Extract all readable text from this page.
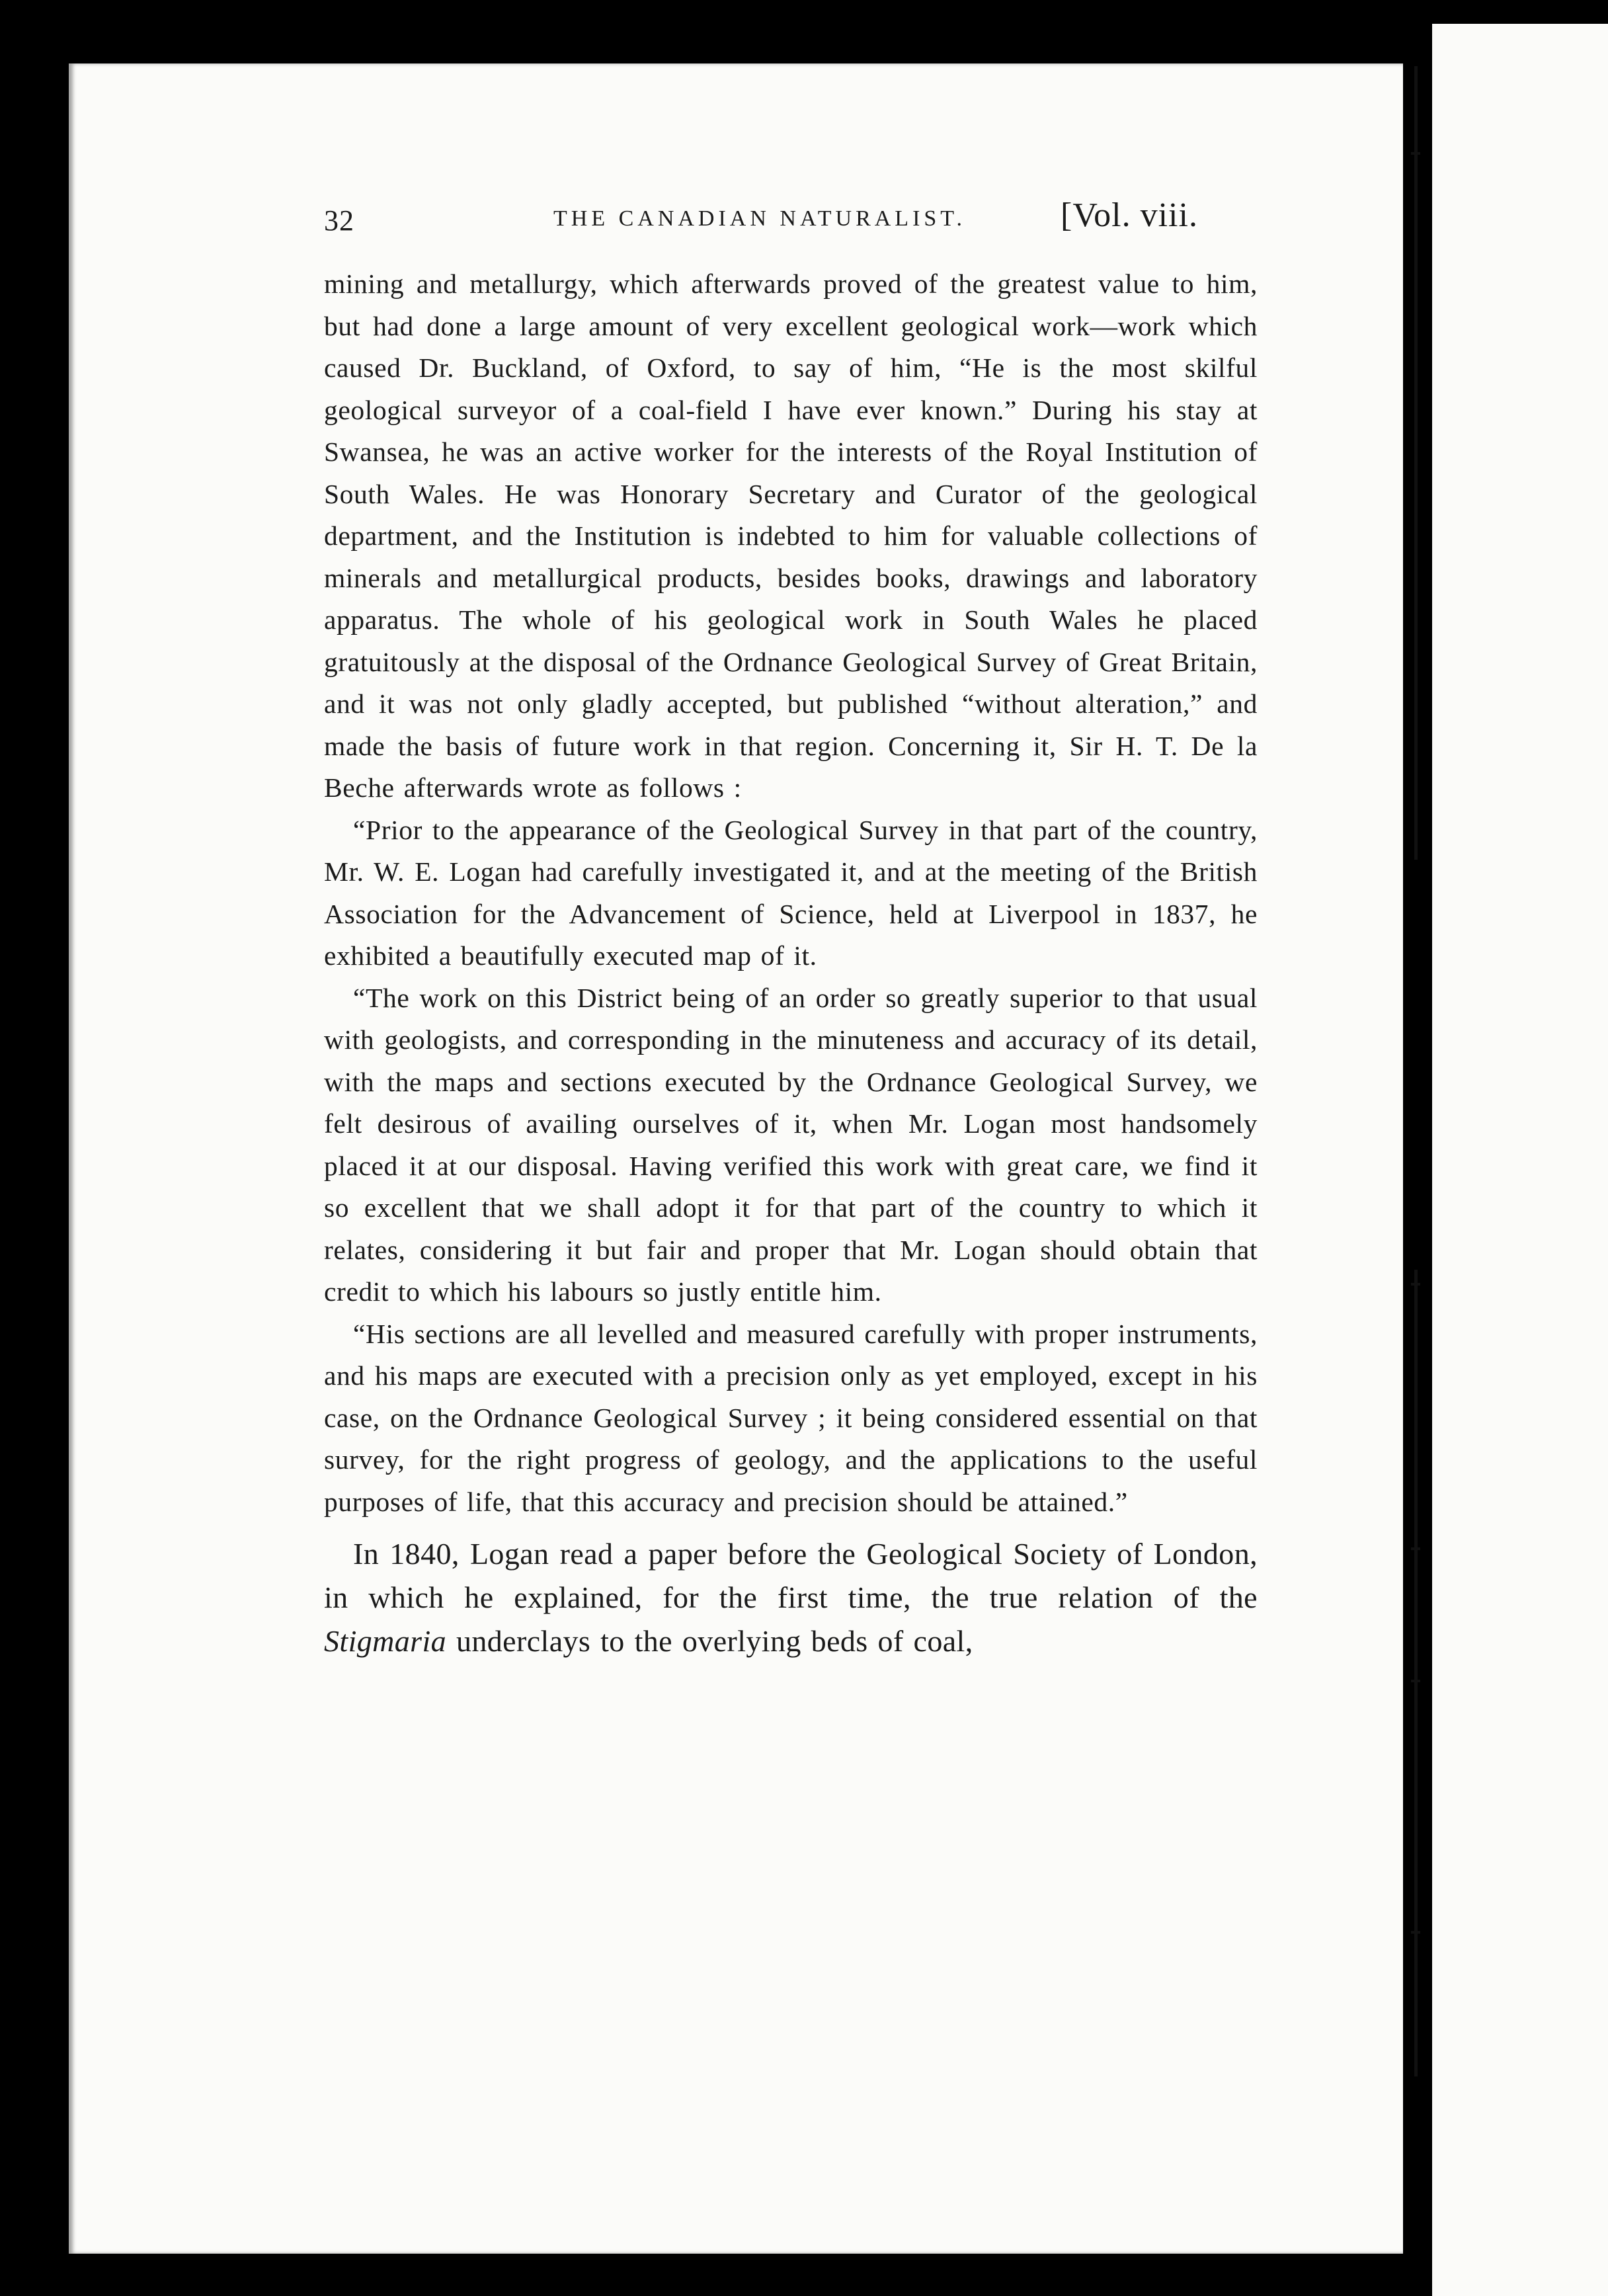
32	THE CANADIAN NATURALIST.	[Vol. viii.

mining and metallurgy, which afterwards proved of the greatest value to him, but had done a large amount of very excellent geological work—work which caused Dr. Buckland, of Oxford, to say of him, “He is the most skilful geological surveyor of a coal-field I have ever known.” During his stay at Swansea, he was an active worker for the interests of the Royal Institution of South Wales. He was Honorary Secretary and Curator of the geological department, and the Institution is indebted to him for valuable collections of minerals and metallurgical products, besides books, drawings and laboratory apparatus. The whole of his geological work in South Wales he placed gratuitously at the disposal of the Ordnance Geological Survey of Great Britain, and it was not only gladly accepted, but published “without alteration,” and made the basis of future work in that region. Concerning it, Sir H. T. De la Beche afterwards wrote as follows :

“Prior to the appearance of the Geological Survey in that part of the country, Mr. W. E. Logan had carefully investigated it, and at the meeting of the British Association for the Advancement of Science, held at Liverpool in 1837, he exhibited a beautifully executed map of it.

“The work on this District being of an order so greatly superior to that usual with geologists, and corresponding in the minuteness and accuracy of its detail, with the maps and sections executed by the Ordnance Geological Survey, we felt desirous of availing ourselves of it, when Mr. Logan most handsomely placed it at our disposal. Having verified this work with great care, we find it so excellent that we shall adopt it for that part of the country to which it relates, considering it but fair and proper that Mr. Logan should obtain that credit to which his labours so justly entitle him.

“His sections are all levelled and measured carefully with proper instruments, and his maps are executed with a precision only as yet employed, except in his case, on the Ordnance Geological Survey ; it being considered essential on that survey, for the right progress of geology, and the applications to the useful purposes of life, that this accuracy and precision should be attained.”

In 1840, Logan read a paper before the Geological Society of London, in which he explained, for the first time, the true relation of the Stigmaria underclays to the overlying beds of coal,
